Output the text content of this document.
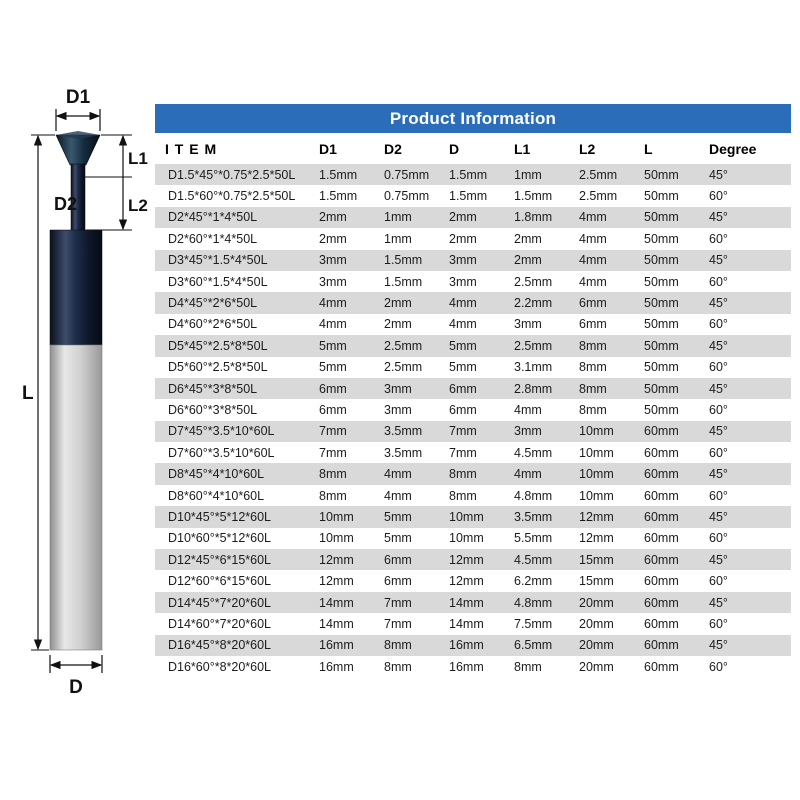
D1
L1
L2
D2
L
D
Product Information
I T E M	D1	D2	D	L1	L2	L	Degree
D1.5*45°*0.75*2.5*50L	1.5mm	0.75mm	1.5mm	1mm	2.5mm	50mm	45°
D1.5*60°*0.75*2.5*50L	1.5mm	0.75mm	1.5mm	1.5mm	2.5mm	50mm	60°
D2*45°*1*4*50L	2mm	1mm	2mm	1.8mm	4mm	50mm	45°
D2*60°*1*4*50L	2mm	1mm	2mm	2mm	4mm	50mm	60°
D3*45°*1.5*4*50L	3mm	1.5mm	3mm	2mm	4mm	50mm	45°
D3*60°*1.5*4*50L	3mm	1.5mm	3mm	2.5mm	4mm	50mm	60°
D4*45°*2*6*50L	4mm	2mm	4mm	2.2mm	6mm	50mm	45°
D4*60°*2*6*50L	4mm	2mm	4mm	3mm	6mm	50mm	60°
D5*45°*2.5*8*50L	5mm	2.5mm	5mm	2.5mm	8mm	50mm	45°
D5*60°*2.5*8*50L	5mm	2.5mm	5mm	3.1mm	8mm	50mm	60°
D6*45°*3*8*50L	6mm	3mm	6mm	2.8mm	8mm	50mm	45°
D6*60°*3*8*50L	6mm	3mm	6mm	4mm	8mm	50mm	60°
D7*45°*3.5*10*60L	7mm	3.5mm	7mm	3mm	10mm	60mm	45°
D7*60°*3.5*10*60L	7mm	3.5mm	7mm	4.5mm	10mm	60mm	60°
D8*45°*4*10*60L	8mm	4mm	8mm	4mm	10mm	60mm	45°
D8*60°*4*10*60L	8mm	4mm	8mm	4.8mm	10mm	60mm	60°
D10*45°*5*12*60L	10mm	5mm	10mm	3.5mm	12mm	60mm	45°
D10*60°*5*12*60L	10mm	5mm	10mm	5.5mm	12mm	60mm	60°
D12*45°*6*15*60L	12mm	6mm	12mm	4.5mm	15mm	60mm	45°
D12*60°*6*15*60L	12mm	6mm	12mm	6.2mm	15mm	60mm	60°
D14*45°*7*20*60L	14mm	7mm	14mm	4.8mm	20mm	60mm	45°
D14*60°*7*20*60L	14mm	7mm	14mm	7.5mm	20mm	60mm	60°
D16*45°*8*20*60L	16mm	8mm	16mm	6.5mm	20mm	60mm	45°
D16*60°*8*20*60L	16mm	8mm	16mm	8mm	20mm	60mm	60°
